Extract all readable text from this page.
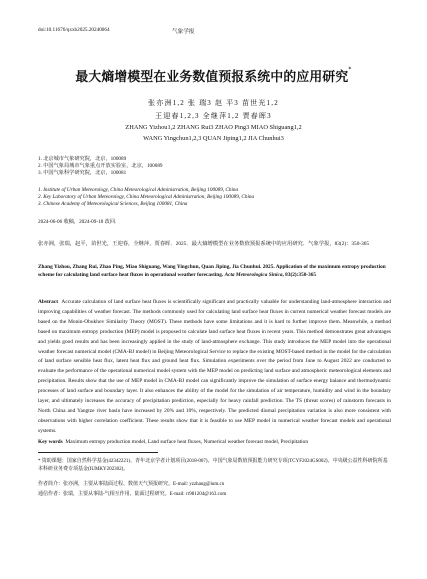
doi:10.11676/qxxb2025.20240064	气象学报
最大熵增模型在业务数值预报系统中的应用研究*
张亦洲1,2 张 瑞3 赵 平3 苗世光1,2
王迎春1,2,3 全继萍1,2 贾春晖3
ZHANG Yizhou1,2 ZHANG Rui3 ZHAO Ping3 MIAO Shiguang1,2
WANG Yingchun1,2,3 QUAN Jiping1,2 JIA Chunhui3
1. 北京城市气象研究院，北京，100089
2. 中国气象局城市气象重点开放实验室，北京，100089
3. 中国气象科学研究院，北京，100081
1. Institute of Urban Meteorology, China Meteorological Administration, Beijing 100089, China
2. Key Laboratory of Urban Meteorology, China Meteorological Administration, Beijing 100089, China
3. Chinese Academy of Meteorological Sciences, Beijing 100081, China
2024-06-06 收稿，2024-09-18 改回.
张亦洲，张瑞，赵平，苗世光，王迎春，全继萍，贾春晖．2025．最大熵增模型在业务数值预报系统中的应用研究．气象学报，83(2)：350-365
Zhang Yizhou, Zhang Rui, Zhao Ping, Miao Shiguang, Wang Yingchun, Quan Jiping, Jia Chunhui. 2025. Application of the maximum entropy production scheme for calculating land surface heat fluxes in operational weather forecasting. Acta Meteorologica Sinica, 83(2):350-365
Abstract Accurate calculation of land surface heat fluxes is scientifically significant and practically valuable for understanding land-atmosphere interaction and improving capabilities of weather forecast. The methods commonly used for calculating land surface heat fluxes in current numerical weather forecast models are based on the Monin-Obukhov Similarity Theory (MOST). These methods have some limitations and it is hard to further improve them. Meanwhile, a method based on maximum entropy production (MEP) model is proposed to calculate land surface heat fluxes in recent years. This method demonstrates great advantages and yields good results and has been increasingly applied in the study of land-atmosphere exchange. This study introduces the MEP model into the operational weather forecast numerical model (CMA-BJ model) in Beijing Meteorological Service to replace the existing MOST-based method in the model for the calculation of land surface sensible heat flux, latent heat flux and ground heat flux. Simulation experiments over the period from June to August 2022 are conducted to evaluate the performance of the operational numerical model system with the MEP model on predicting land surface and atmospheric meteorological elements and precipitation. Results show that the use of MEP model in CMA-BJ model can significantly improve the simulation of surface energy balance and thermodynamic processes of land surface and boundary layer. It also enhances the ability of the model for the simulation of air temperature, humidity and wind in the boundary layer, and ultimately increases the accuracy of precipitation prediction, especially for heavy rainfall prediction. The TS (threat scores) of rainstorm forecasts in North China and Yangtze river basin have increased by 20% and 10%, respectively. The predicted diurnal precipitation variation is also more consistent with observations with higher correlation coefficient. These results show that it is feasible to use MEP model in numerical weather forecast models and operational systems.
Key words Maximum entropy production model, Land surface heat fluxes, Numerical weather forecast model, Precipitation
* 资助课题：国家自然科学基金(42342221)、青年北京学者计划项目(2018-007)、中国气象局数值预报能力研究专项(TCYF2024GS002)、中央级公益性科研院所基本科研业务费专项基金(IUMKY202302)。
作者简介：张亦洲，主要从事陆面过程、数值天气预报研究。E-mail: yzzhang@ium.cn
通信作者：张瑞，主要从事陆-气相互作用、陆面过程研究。E-mail: rr981204@163.com
